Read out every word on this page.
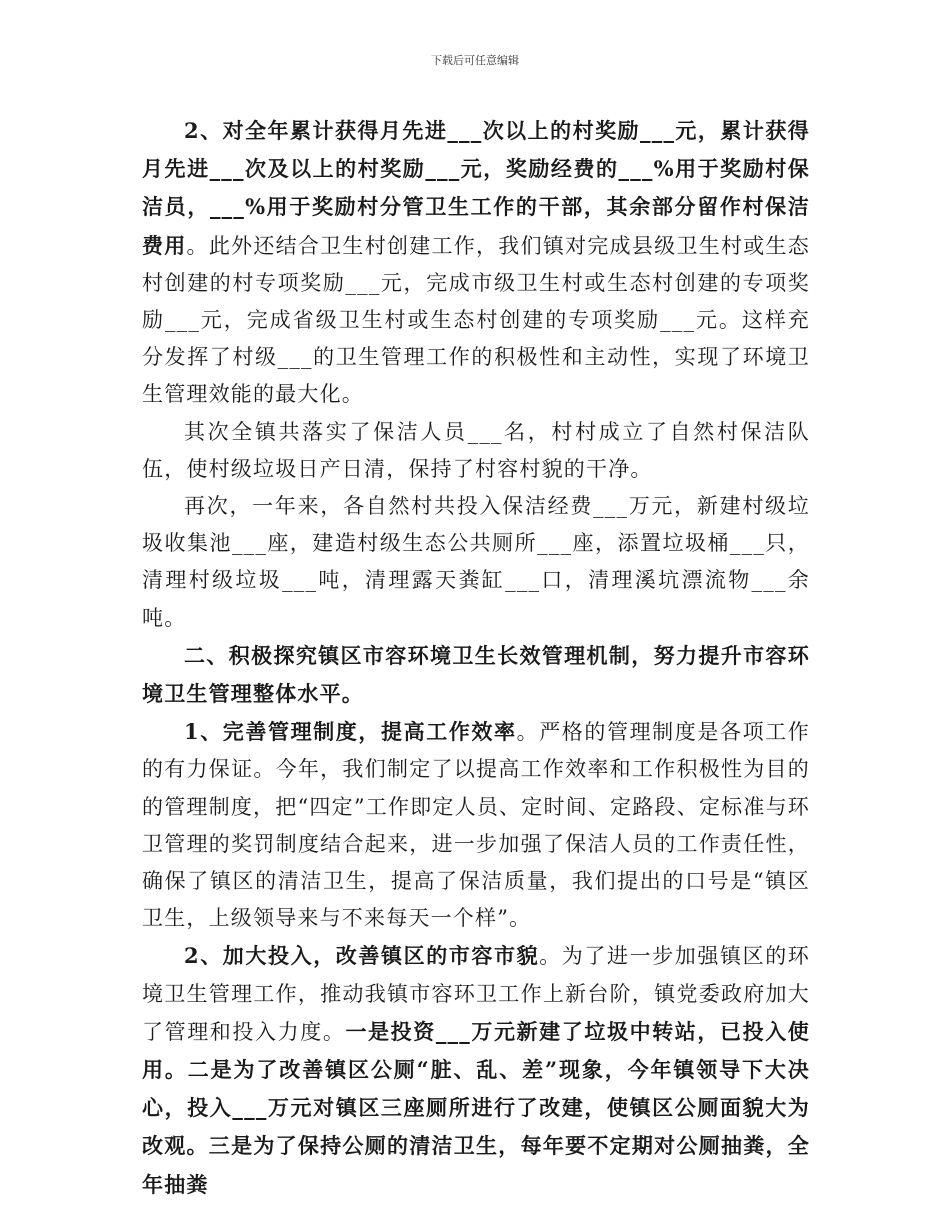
下载后可任意编辑

2、对全年累计获得月先进___次以上的村奖励___元，累计获得月先进___次及以上的村奖励___元，奖励经费的___%用于奖励村保洁员，___%用于奖励村分管卫生工作的干部，其余部分留作村保洁费用。此外还结合卫生村创建工作，我们镇对完成县级卫生村或生态村创建的村专项奖励___元，完成市级卫生村或生态村创建的专项奖励___元，完成省级卫生村或生态村创建的专项奖励___元。这样充分发挥了村级___的卫生管理工作的积极性和主动性，实现了环境卫生管理效能的最大化。

其次全镇共落实了保洁人员___名，村村成立了自然村保洁队伍，使村级垃圾日产日清，保持了村容村貌的干净。

再次，一年来，各自然村共投入保洁经费___万元，新建村级垃圾收集池___座，建造村级生态公共厕所___座，添置垃圾桶___只，清理村级垃圾___吨，清理露天粪缸___口，清理溪坑漂流物___余吨。

二、积极探究镇区市容环境卫生长效管理机制，努力提升市容环境卫生管理整体水平。

1、完善管理制度，提高工作效率。严格的管理制度是各项工作的有力保证。今年，我们制定了以提高工作效率和工作积极性为目的的管理制度，把“四定”工作即定人员、定时间、定路段、定标准与环卫管理的奖罚制度结合起来，进一步加强了保洁人员的工作责任性，确保了镇区的清洁卫生，提高了保洁质量，我们提出的口号是“镇区卫生，上级领导来与不来每天一个样”。

2、加大投入，改善镇区的市容市貌。为了进一步加强镇区的环境卫生管理工作，推动我镇市容环卫工作上新台阶，镇党委政府加大了管理和投入力度。一是投资___万元新建了垃圾中转站，已投入使用。二是为了改善镇区公厕“脏、乱、差”现象，今年镇领导下大决心，投入___万元对镇区三座厕所进行了改建，使镇区公厕面貌大为改观。三是为了保持公厕的清洁卫生，每年要不定期对公厕抽粪，全年抽粪
